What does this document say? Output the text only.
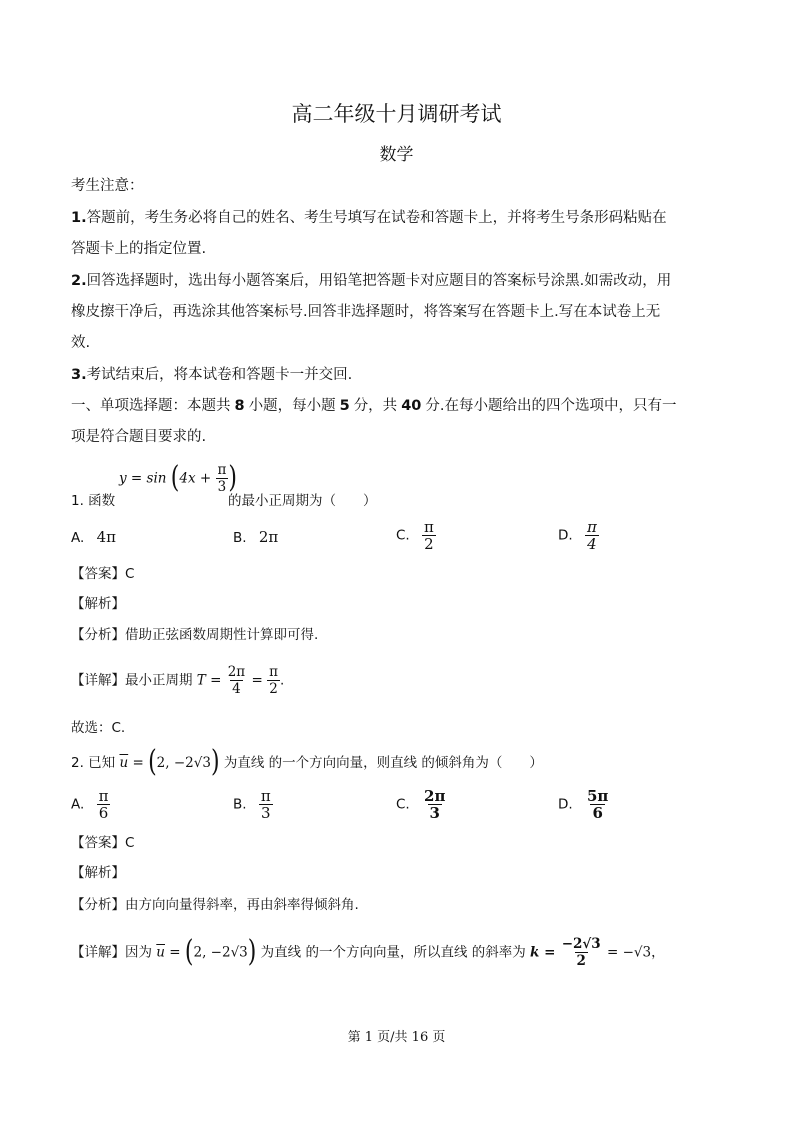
高二年级十月调研考试
数学
考生注意：
1.答题前，考生务必将自己的姓名、考生号填写在试卷和答题卡上，并将考生号条形码粘贴在
答题卡上的指定位置.
2.回答选择题时，选出每小题答案后，用铅笔把答题卡对应题目的答案标号涂黑.如需改动，用
橡皮擦干净后，再选涂其他答案标号.回答非选择题时，将答案写在答题卡上.写在本试卷上无
效.
3.考试结束后，将本试卷和答题卡一并交回.
一、单项选择题：本题共 8 小题，每小题 5 分，共 40 分.在每小题给出的四个选项中，只有一
项是符合题目要求的.
$y = \sin (4x + \frac{\pi}{3}$ )
1. 函数	的最小正周期为（　　）
A. 4π	B. 2π	C. $\frac{\pi}{2}$	D. $\frac{\pi}{4}$
【答案】C
【解析】
【分析】借助正弦函数周期性计算即可得.
【详解】最小正周期 $T = \frac{2\pi}{4} = \frac{\pi}{2}$ .
故选：C.
2. 已知 $\overline{u} = (2$, −2√3) 为直线 的一个方向向量，则直线 的倾斜角为（　　）
A. $\frac{\pi}{6}$	B. $\frac{\pi}{3}$	C. $\frac{2\pi}{3}$	D. $\frac{5\pi}{6}$
【答案】C
【解析】
【分析】由方向向量得斜率，再由斜率得倾斜角.
【详解】因为 $\overline{u} = (2$, −2√3) 为直线 的一个方向向量，所以直线 的斜率为 $k = \frac{-2√3}{2} = -√3$，
第 1 页/共 16 页
